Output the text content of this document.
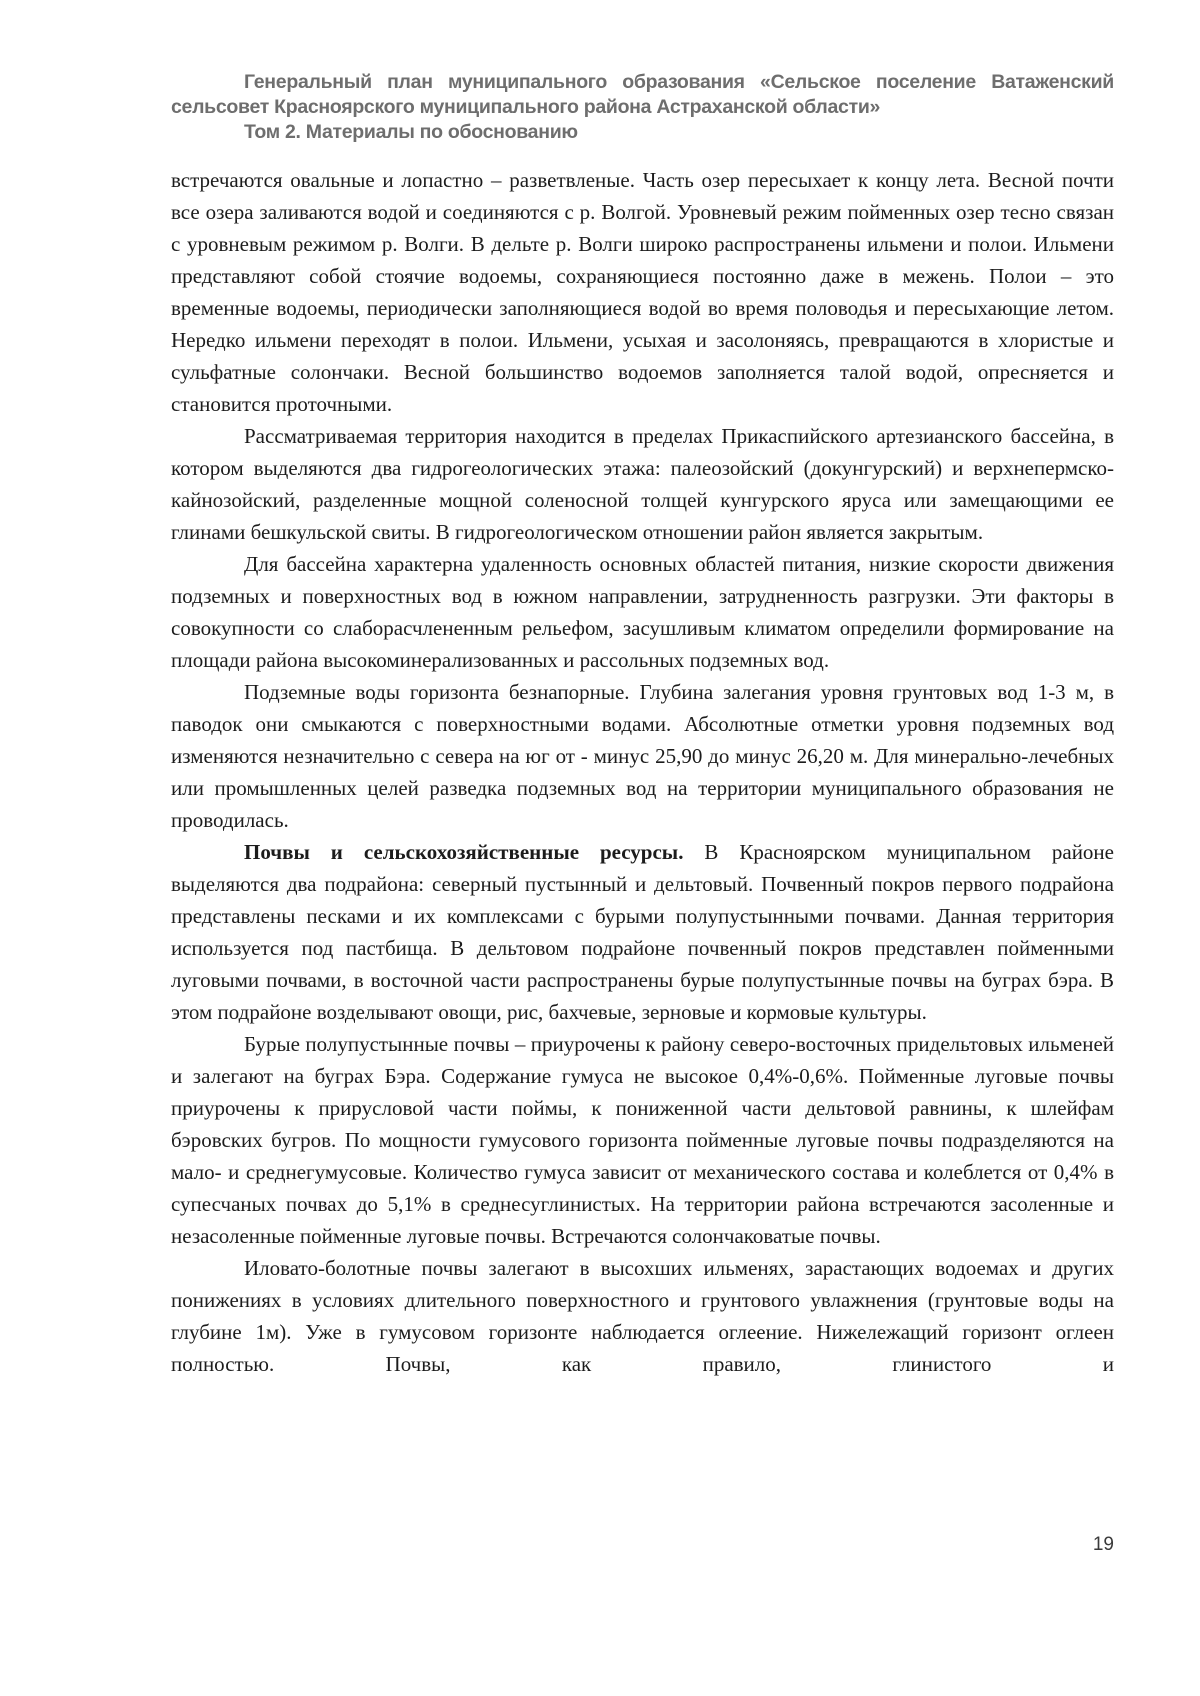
Генеральный план муниципального образования «Сельское поселение Ватаженский сельсовет Красноярского муниципального района Астраханской области»

Том 2. Материалы по обоснованию

встречаются овальные и лопастно – разветвленые. Часть озер пересыхает к концу лета. Весной почти все озера заливаются водой и соединяются с р. Волгой. Уровневый режим пойменных озер тесно связан с уровневым режимом р. Волги. В дельте р. Волги широко распространены ильмени и полои. Ильмени представляют собой стоячие водоемы, сохраняющиеся постоянно даже в межень. Полои – это временные водоемы, периодически заполняющиеся водой во время половодья и пересыхающие летом. Нередко ильмени переходят в полои. Ильмени, усыхая и засолоняясь, превращаются в хлористые и сульфатные солончаки. Весной большинство водоемов заполняется талой водой, опресняется и становится проточными.

Рассматриваемая территория находится в пределах Прикаспийского артезианского бассейна, в котором выделяются два гидрогеологических этажа: палеозойский (докунгурский) и верхнепермско-кайнозойский, разделенные мощной соленосной толщей кунгурского яруса или замещающими ее глинами бешкульской свиты. В гидрогеологическом отношении район является закрытым.

Для бассейна характерна удаленность основных областей питания, низкие скорости движения подземных и поверхностных вод в южном направлении, затрудненность разгрузки. Эти факторы в совокупности со слаборасчлененным рельефом, засушливым климатом определили формирование на площади района высокоминерализованных и рассольных подземных вод.

Подземные воды горизонта безнапорные. Глубина залегания уровня грунтовых вод 1-3 м, в паводок они смыкаются с поверхностными водами. Абсолютные отметки уровня подземных вод изменяются незначительно с севера на юг от - минус 25,90 до минус 26,20 м. Для минерально-лечебных или промышленных целей разведка подземных вод на территории муниципального образования не проводилась.

Почвы и сельскохозяйственные ресурсы. В Красноярском муниципальном районе выделяются два подрайона: северный пустынный и дельтовый. Почвенный покров первого подрайона представлены песками и их комплексами с бурыми полупустынными почвами. Данная территория используется под пастбища. В дельтовом подрайоне почвенный покров представлен пойменными луговыми почвами, в восточной части распространены бурые полупустынные почвы на буграх бэра. В этом подрайоне возделывают овощи, рис, бахчевые, зерновые и кормовые культуры.

Бурые полупустынные почвы – приурочены к району северо-восточных придельтовых ильменей и залегают на буграх Бэра. Содержание гумуса не высокое 0,4%-0,6%. Пойменные луговые почвы приурочены к прирусловой части поймы, к пониженной части дельтовой равнины, к шлейфам бэровских бугров. По мощности гумусового горизонта пойменные луговые почвы подразделяются на мало- и среднегумусовые. Количество гумуса зависит от механического состава и колеблется от 0,4% в супесчаных почвах до 5,1% в среднесуглинистых. На территории района встречаются засоленные и незасоленные пойменные луговые почвы. Встречаются солончаковатые почвы.

Иловато-болотные почвы залегают в высохших ильменях, зарастающих водоемах и других понижениях в условиях длительного поверхностного и грунтового увлажнения (грунтовые воды на глубине 1м). Уже в гумусовом горизонте наблюдается оглеение. Нижележащий горизонт оглеен полностью. Почвы, как правило, глинистого и

19
